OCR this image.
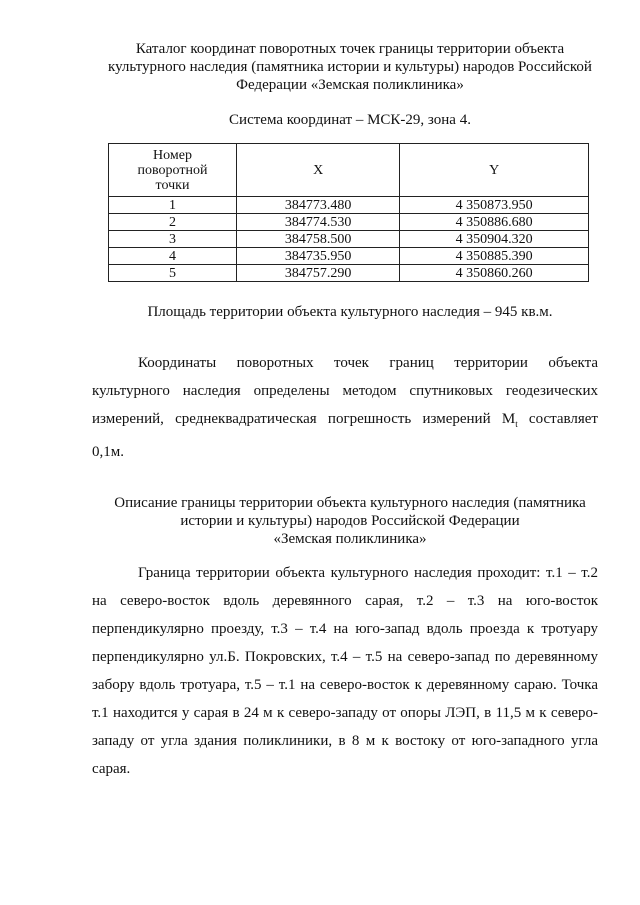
Каталог координат поворотных точек границы территории объекта
культурного наследия (памятника истории и культуры) народов Российской
Федерации «Земская поликлиника»
Система координат – МСК-29, зона 4.
Номер
поворотной
точки	X	Y
1	384773.480	4 350873.950
2	384774.530	4 350886.680
3	384758.500	4 350904.320
4	384735.950	4 350885.390
5	384757.290	4 350860.260
Площадь территории объекта культурного наследия – 945 кв.м.
Координаты поворотных точек границ территории объекта
культурного наследия определены методом спутниковых геодезических
измерений, среднеквадратическая погрешность измерений $M_t$ составляет
0,1м.
Описание границы территории объекта культурного наследия (памятника
истории и культуры) народов Российской Федерации
«Земская поликлиника»
Граница территории объекта культурного наследия проходит: т.1 – т.2
на северо-восток вдоль деревянного сарая, т.2 – т.3 на юго-восток
перпендикулярно проезду, т.3 – т.4 на юго-запад вдоль проезда к тротуару
перпендикулярно ул.Б. Покровских, т.4 – т.5 на северо-запад по деревянному
забору вдоль тротуара, т.5 – т.1 на северо-восток к деревянному сараю. Точка
т.1 находится у сарая в 24 м к северо-западу от опоры ЛЭП, в 11,5 м к северо-
западу от угла здания поликлиники, в 8 м к востоку от юго-западного угла
сарая.
